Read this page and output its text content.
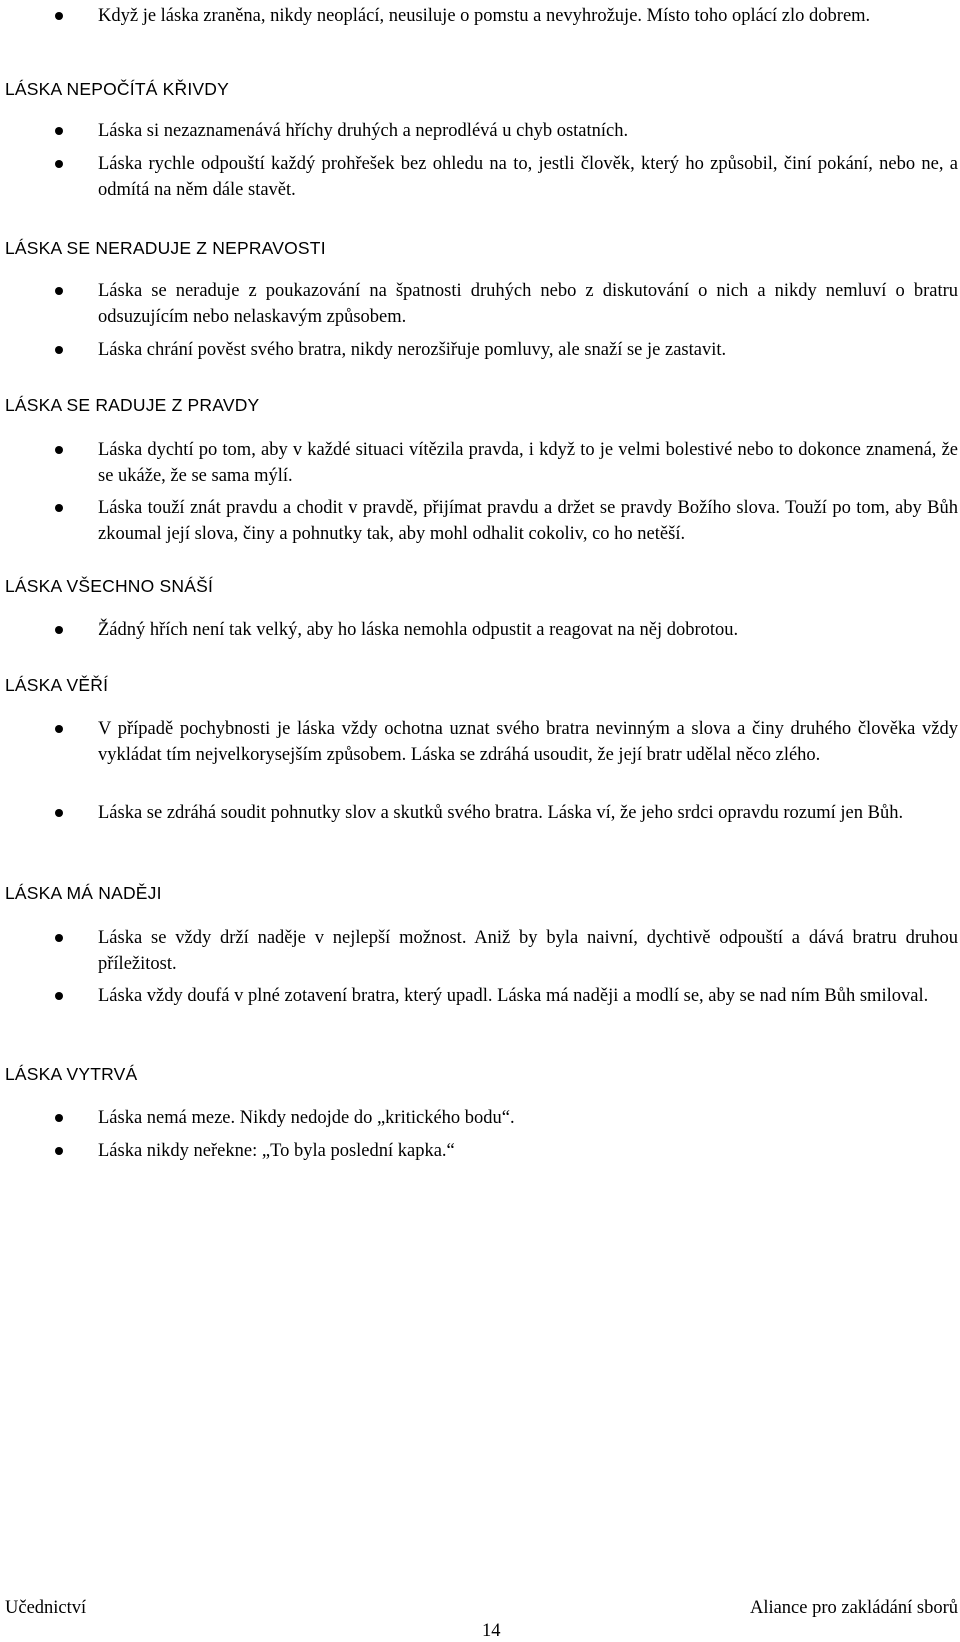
Když je láska zraněna, nikdy neoplácí, neusiluje o pomstu a nevyhrožuje. Místo toho oplácí zlo dobrem.
LÁSKA NEPOČÍTÁ KŘIVDY
Láska si nezaznamenává hříchy druhých a neprodlévá u chyb ostatních.
Láska rychle odpouští každý prohřešek bez ohledu na to, jestli člověk, který ho způsobil, činí pokání, nebo ne, a odmítá na něm dále stavět.
LÁSKA SE NERADUJE Z NEPRAVOSTI
Láska se neraduje z poukazování na špatnosti druhých nebo z diskutování o nich a nikdy nemluví o bratru odsuzujícím nebo nelaskavým způsobem.
Láska chrání pověst svého bratra, nikdy nerozšiřuje pomluvy, ale snaží se je zastavit.
LÁSKA SE RADUJE Z PRAVDY
Láska dychtí po tom, aby v každé situaci vítězila pravda, i když to je velmi bolestivé nebo to dokonce znamená, že se ukáže, že se sama mýlí.
Láska touží znát pravdu a chodit v pravdě, přijímat pravdu a držet se pravdy Božího slova. Touží po tom, aby Bůh zkoumal její slova, činy a pohnutky tak, aby mohl odhalit cokoliv, co ho netěší.
LÁSKA VŠECHNO SNÁŠÍ
Žádný hřích není tak velký, aby ho láska nemohla odpustit a reagovat na něj dobrotou.
LÁSKA VĚŘÍ
V případě pochybnosti je láska vždy ochotna uznat svého bratra nevinným a slova a činy druhého člověka vždy vykládat tím nejvelkorysejším způsobem. Láska se zdráhá usoudit, že její bratr udělal něco zlého.
Láska se zdráhá soudit pohnutky slov a skutků svého bratra. Láska ví, že jeho srdci opravdu rozumí jen Bůh.
LÁSKA MÁ NADĚJI
Láska se vždy drží naděje v nejlepší možnost. Aniž by byla naivní, dychtivě odpouští a dává bratru druhou příležitost.
Láska vždy doufá v plné zotavení bratra, který upadl. Láska má naději a modlí se, aby se nad ním Bůh smiloval.
LÁSKA VYTRVÁ
Láska nemá meze. Nikdy nedojde do „kritického bodu“.
Láska nikdy neřekne: „To byla poslední kapka.“
Učednictví	Aliance pro zakládání sborů
14
